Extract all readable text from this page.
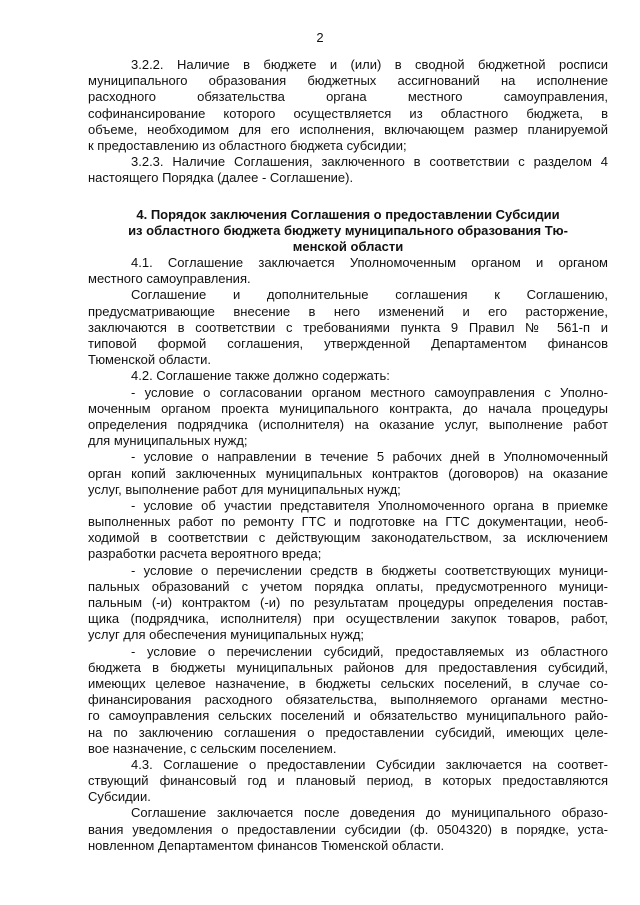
2
3.2.2. Наличие в бюджете и (или) в сводной бюджетной росписи
муниципального образования бюджетных ассигнований на исполнение
расходного обязательства органа местного самоуправления,
софинансирование которого осуществляется из областного бюджета, в
объеме, необходимом для его исполнения, включающем размер планируемой
к предоставлению из областного бюджета субсидии;
3.2.3. Наличие Соглашения, заключенного в соответствии с разделом 4
настоящего Порядка (далее - Соглашение).
4. Порядок заключения Соглашения о предоставлении Субсидии
из областного бюджета бюджету муниципального образования Тю-
менской области
4.1. Соглашение заключается Уполномоченным органом и органом
местного самоуправления.
Соглашение и дополнительные соглашения к Соглашению,
предусматривающие внесение в него изменений и его расторжение,
заключаются в соответствии с требованиями пункта 9 Правил № 561-п и
типовой формой соглашения, утвержденной Департаментом финансов
Тюменской области.
4.2. Соглашение также должно содержать:
- условие о согласовании органом местного самоуправления с Уполно-
моченным органом проекта муниципального контракта, до начала процедуры
определения подрядчика (исполнителя) на оказание услуг, выполнение работ
для муниципальных нужд;
- условие о направлении в течение 5 рабочих дней в Уполномоченный
орган копий заключенных муниципальных контрактов (договоров) на оказание
услуг, выполнение работ для муниципальных нужд;
- условие об участии представителя Уполномоченного органа в приемке
выполненных работ по ремонту ГТС и подготовке на ГТС документации, необ-
ходимой в соответствии с действующим законодательством, за исключением
разработки расчета вероятного вреда;
- условие о перечислении средств в бюджеты соответствующих муници-
пальных образований с учетом порядка оплаты, предусмотренного муници-
пальным (-и) контрактом (-и) по результатам процедуры определения постав-
щика (подрядчика, исполнителя) при осуществлении закупок товаров, работ,
услуг для обеспечения муниципальных нужд;
- условие о перечислении субсидий, предоставляемых из областного
бюджета в бюджеты муниципальных районов для предоставления субсидий,
имеющих целевое назначение, в бюджеты сельских поселений, в случае со-
финансирования расходного обязательства, выполняемого органами местно-
го самоуправления сельских поселений и обязательство муниципального райо-
на по заключению соглашения о предоставлении субсидий, имеющих целе-
вое назначение, с сельским поселением.
4.3. Соглашение о предоставлении Субсидии заключается на соответ-
ствующий финансовый год и плановый период, в которых предоставляются
Субсидии.
Соглашение заключается после доведения до муниципального образо-
вания уведомления о предоставлении субсидии (ф. 0504320) в порядке, уста-
новленном Департаментом финансов Тюменской области.
